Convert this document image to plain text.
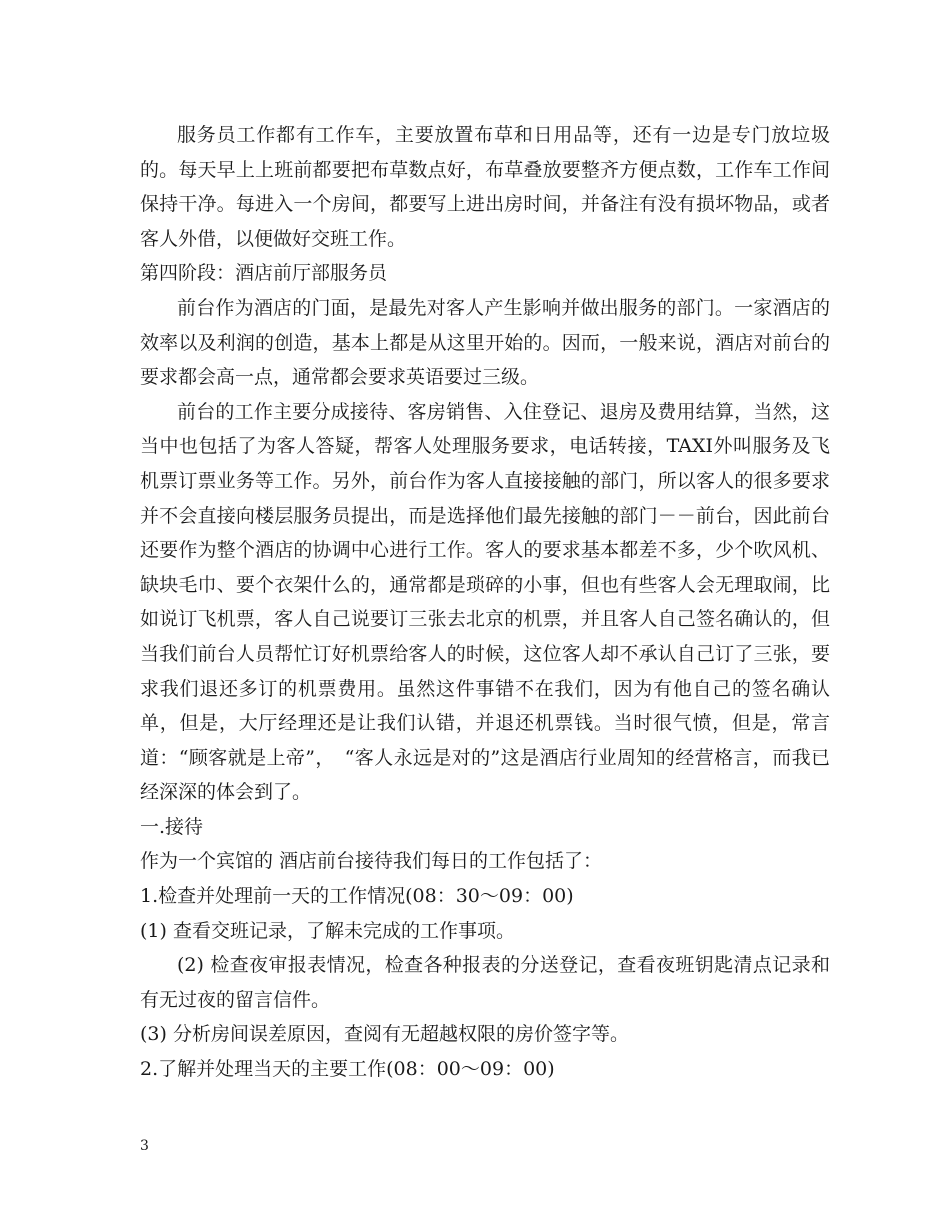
服务员工作都有工作车，主要放置布草和日用品等，还有一边是专门放垃圾的。每天早上上班前都要把布草数点好，布草叠放要整齐方便点数，工作车工作间保持干净。每进入一个房间，都要写上进出房时间，并备注有没有损坏物品，或者客人外借，以便做好交班工作。

第四阶段：酒店前厅部服务员

前台作为酒店的门面，是最先对客人产生影响并做出服务的部门。一家酒店的效率以及利润的创造，基本上都是从这里开始的。因而，一般来说，酒店对前台的要求都会高一点，通常都会要求英语要过三级。

前台的工作主要分成接待、客房销售、入住登记、退房及费用结算，当然，这当中也包括了为客人答疑，帮客人处理服务要求，电话转接，TAXI外叫服务及飞机票订票业务等工作。另外，前台作为客人直接接触的部门，所以客人的很多要求并不会直接向楼层服务员提出，而是选择他们最先接触的部门－－前台，因此前台还要作为整个酒店的协调中心进行工作。客人的要求基本都差不多，少个吹风机、缺块毛巾、要个衣架什么的，通常都是琐碎的小事，但也有些客人会无理取闹，比如说订飞机票，客人自己说要订三张去北京的机票，并且客人自己签名确认的，但当我们前台人员帮忙订好机票给客人的时候，这位客人却不承认自己订了三张，要求我们退还多订的机票费用。虽然这件事错不在我们，因为有他自己的签名确认单，但是，大厅经理还是让我们认错，并退还机票钱。当时很气愤，但是，常言道：“顾客就是上帝”，　“客人永远是对的”这是酒店行业周知的经营格言，而我已经深深的体会到了。

一.接待

作为一个宾馆的 酒店前台接待我们每日的工作包括了：

1.检查并处理前一天的工作情况(08：30～09：00)

(1) 查看交班记录，了解未完成的工作事项。

(2) 检查夜审报表情况，检查各种报表的分送登记，查看夜班钥匙清点记录和有无过夜的留言信件。

(3) 分析房间误差原因，查阅有无超越权限的房价签字等。

2.了解并处理当天的主要工作(08：00～09：00)

3
